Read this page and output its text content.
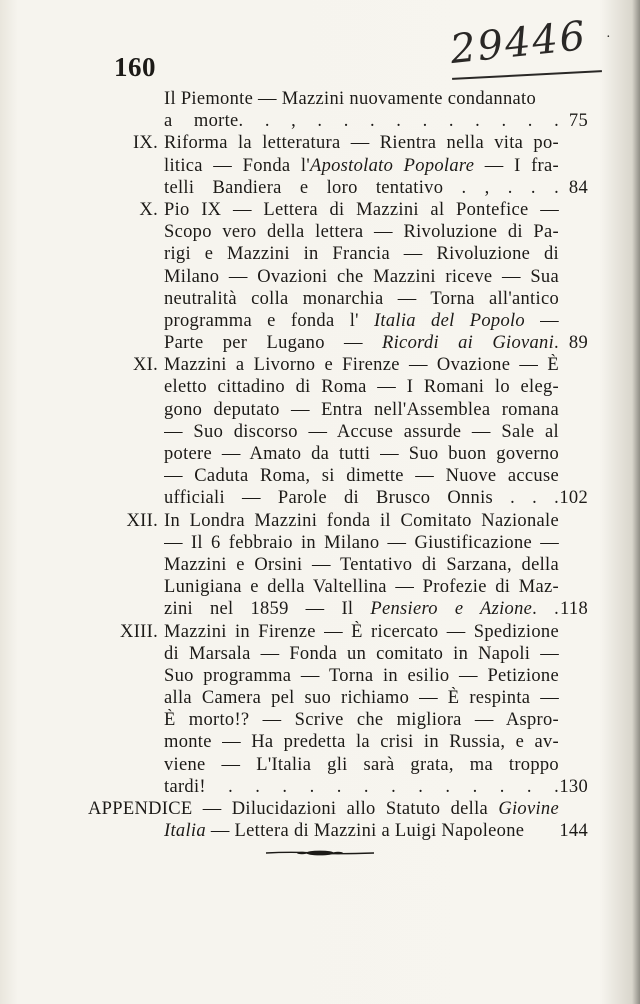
160	29446 ·
Il Piemonte — Mazzini nuovamente condannato
a morte. . , . . . . . . . . . . 75
IX. Riforma la letteratura — Rientra nella vita po-
litica — Fonda l'Apostolato Popolare — I fra-
telli Bandiera e loro tentativo . , . . . 84
X. Pio IX — Lettera di Mazzini al Pontefice —
Scopo vero della lettera — Rivoluzione di Pa-
rigi e Mazzini in Francia — Rivoluzione di
Milano — Ovazioni che Mazzini riceve — Sua
neutralità colla monarchia — Torna all'antico
programma e fonda l' Italia del Popolo —
Parte per Lugano — Ricordi ai Giovani. 89
XI. Mazzini a Livorno e Firenze — Ovazione — È
eletto cittadino di Roma — I Romani lo eleg-
gono deputato — Entra nell'Assemblea romana
— Suo discorso — Accuse assurde — Sale al
potere — Amato da tutti — Suo buon governo
— Caduta Roma, si dimette — Nuove accuse
ufficiali — Parole di Brusco Onnis . . . 102
XII. In Londra Mazzini fonda il Comitato Nazionale
— Il 6 febbraio in Milano — Giustificazione —
Mazzini e Orsini — Tentativo di Sarzana, della
Lunigiana e della Valtellina — Profezie di Maz-
zini nel 1859 — Il Pensiero e Azione. . 118
XIII. Mazzini in Firenze — È ricercato — Spedizione
di Marsala — Fonda un comitato in Napoli —
Suo programma — Torna in esilio — Petizione
alla Camera pel suo richiamo — È respinta —
È morto!? — Scrive che migliora — Aspro-
monte — Ha predetta la crisi in Russia, e av-
viene — L'Italia gli sarà grata, ma troppo
tardi! . . . . . . . . . . . . . 130
APPENDICE — Dilucidazioni allo Statuto della Giovine
Italia — Lettera di Mazzini a Luigi Napoleone	144
